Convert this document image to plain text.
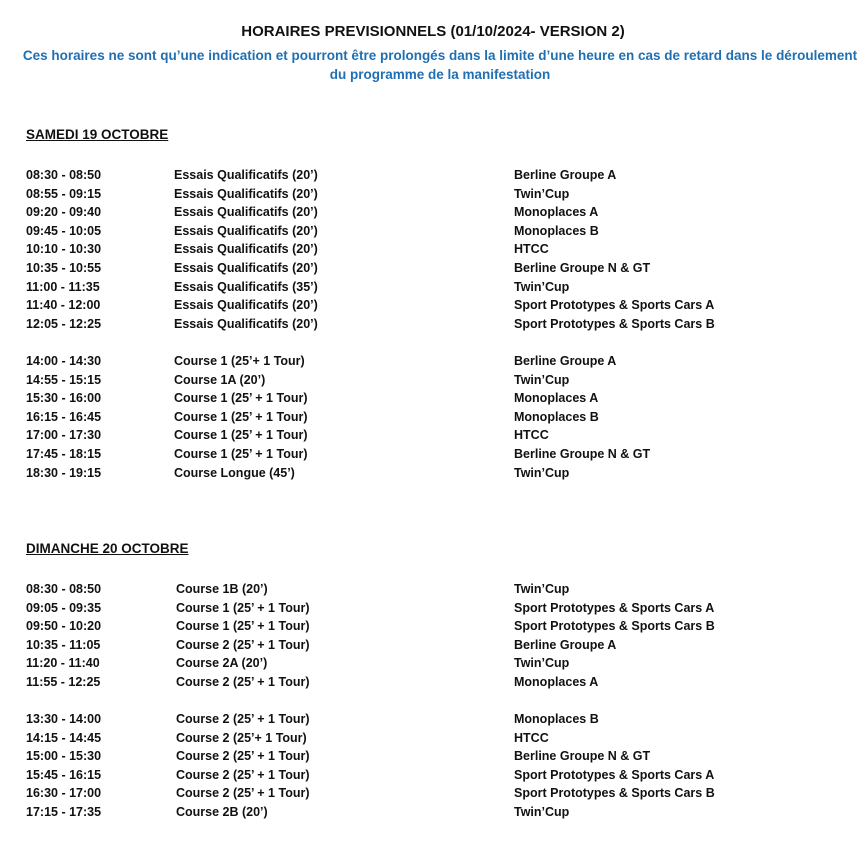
HORAIRES PREVISIONNELS (01/10/2024- VERSION 2)
Ces horaires ne sont qu’une indication et pourront être prolongés dans la limite d’une heure en cas de retard dans le déroulement du programme de la manifestation
SAMEDI 19 OCTOBRE
08:30 - 08:50	Essais Qualificatifs (20’)	Berline Groupe A
08:55 - 09:15	Essais Qualificatifs (20’)	Twin’Cup
09:20 - 09:40	Essais Qualificatifs (20’)	Monoplaces A
09:45 - 10:05	Essais Qualificatifs (20’)	Monoplaces B
10:10 - 10:30	Essais Qualificatifs (20’)	HTCC
10:35 - 10:55	Essais Qualificatifs (20’)	Berline Groupe N & GT
11:00 - 11:35	Essais Qualificatifs (35’)	Twin’Cup
11:40 - 12:00	Essais Qualificatifs (20’)	Sport Prototypes & Sports Cars A
12:05 - 12:25	Essais Qualificatifs (20’)	Sport Prototypes & Sports Cars B
14:00 - 14:30	Course 1 (25’+ 1 Tour)	Berline Groupe A
14:55 - 15:15	Course 1A (20’)	Twin’Cup
15:30 - 16:00	Course 1 (25’ + 1 Tour)	Monoplaces A
16:15 - 16:45	Course 1 (25’ + 1 Tour)	Monoplaces B
17:00 - 17:30	Course 1 (25’ + 1 Tour)	HTCC
17:45 - 18:15	Course 1 (25’ + 1 Tour)	Berline Groupe N & GT
18:30 - 19:15	Course Longue (45’)	Twin’Cup
DIMANCHE 20 OCTOBRE
08:30 - 08:50	Course 1B (20’)	Twin’Cup
09:05 - 09:35	Course 1 (25’ + 1 Tour)	Sport Prototypes & Sports Cars A
09:50 - 10:20	Course 1 (25’ + 1 Tour)	Sport Prototypes & Sports Cars B
10:35 - 11:05	Course 2 (25’ + 1 Tour)	Berline Groupe A
11:20 - 11:40	Course 2A (20’)	Twin’Cup
11:55 - 12:25	Course 2 (25’ + 1 Tour)	Monoplaces A
13:30 - 14:00	Course 2 (25’ + 1 Tour)	Monoplaces B
14:15 - 14:45	Course 2 (25’+ 1 Tour)	HTCC
15:00 - 15:30	Course 2 (25’ + 1 Tour)	Berline Groupe N & GT
15:45 - 16:15	Course 2 (25’ + 1 Tour)	Sport Prototypes & Sports Cars A
16:30 - 17:00	Course 2 (25’ + 1 Tour)	Sport Prototypes & Sports Cars B
17:15 - 17:35	Course 2B (20’)	Twin’Cup
